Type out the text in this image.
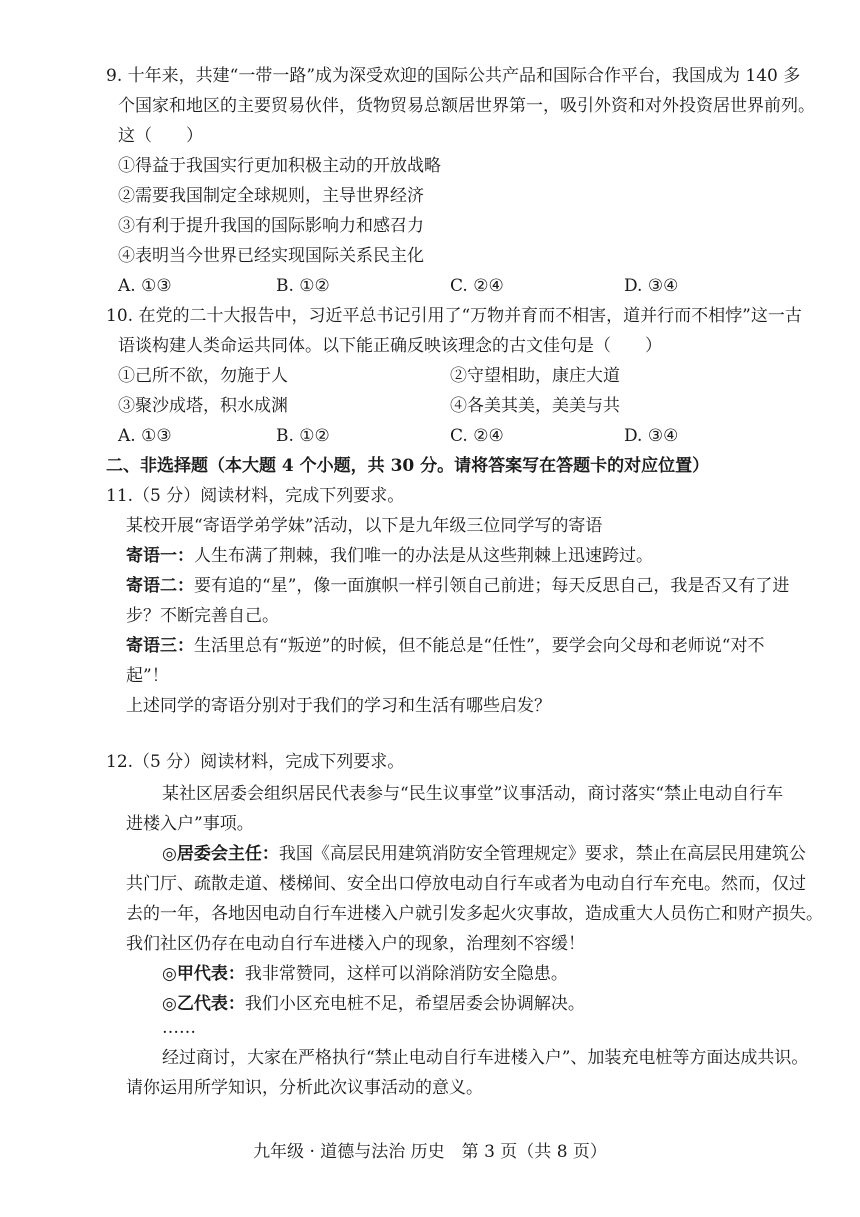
9. 十年来，共建“一带一路”成为深受欢迎的国际公共产品和国际合作平台，我国成为 140 多
个国家和地区的主要贸易伙伴，货物贸易总额居世界第一，吸引外资和对外投资居世界前列。
这（　　）
①得益于我国实行更加积极主动的开放战略
②需要我国制定全球规则，主导世界经济
③有利于提升我国的国际影响力和感召力
④表明当今世界已经实现国际关系民主化
A. ①③	B. ①②	C. ②④	D. ③④
10. 在党的二十大报告中，习近平总书记引用了“万物并育而不相害，道并行而不相悖”这一古
语谈构建人类命运共同体。以下能正确反映该理念的古文佳句是（　　）
①己所不欲，勿施于人	②守望相助，康庄大道
③聚沙成塔，积水成渊	④各美其美，美美与共
A. ①③	B. ①②	C. ②④	D. ③④
二、非选择题（本大题 4 个小题，共 30 分。请将答案写在答题卡的对应位置）
11.（5 分）阅读材料，完成下列要求。
某校开展“寄语学弟学妹”活动，以下是九年级三位同学写的寄语
寄语一：人生布满了荆棘，我们唯一的办法是从这些荆棘上迅速跨过。
寄语二：要有追的“星”，像一面旗帜一样引领自己前进；每天反思自己，我是否又有了进
步？不断完善自己。
寄语三：生活里总有“叛逆”的时候，但不能总是“任性”，要学会向父母和老师说“对不
起”！
上述同学的寄语分别对于我们的学习和生活有哪些启发？
12.（5 分）阅读材料，完成下列要求。
某社区居委会组织居民代表参与“民生议事堂”议事活动，商讨落实“禁止电动自行车
进楼入户”事项。
◎居委会主任：我国《高层民用建筑消防安全管理规定》要求，禁止在高层民用建筑公
共门厅、疏散走道、楼梯间、安全出口停放电动自行车或者为电动自行车充电。然而，仅过
去的一年，各地因电动自行车进楼入户就引发多起火灾事故，造成重大人员伤亡和财产损失。
我们社区仍存在电动自行车进楼入户的现象，治理刻不容缓！
◎甲代表：我非常赞同，这样可以消除消防安全隐患。
◎乙代表：我们小区充电桩不足，希望居委会协调解决。
……
经过商讨，大家在严格执行“禁止电动自行车进楼入户”、加装充电桩等方面达成共识。
请你运用所学知识，分析此次议事活动的意义。
九年级 · 道德与法治 历史　第 3 页（共 8 页）
